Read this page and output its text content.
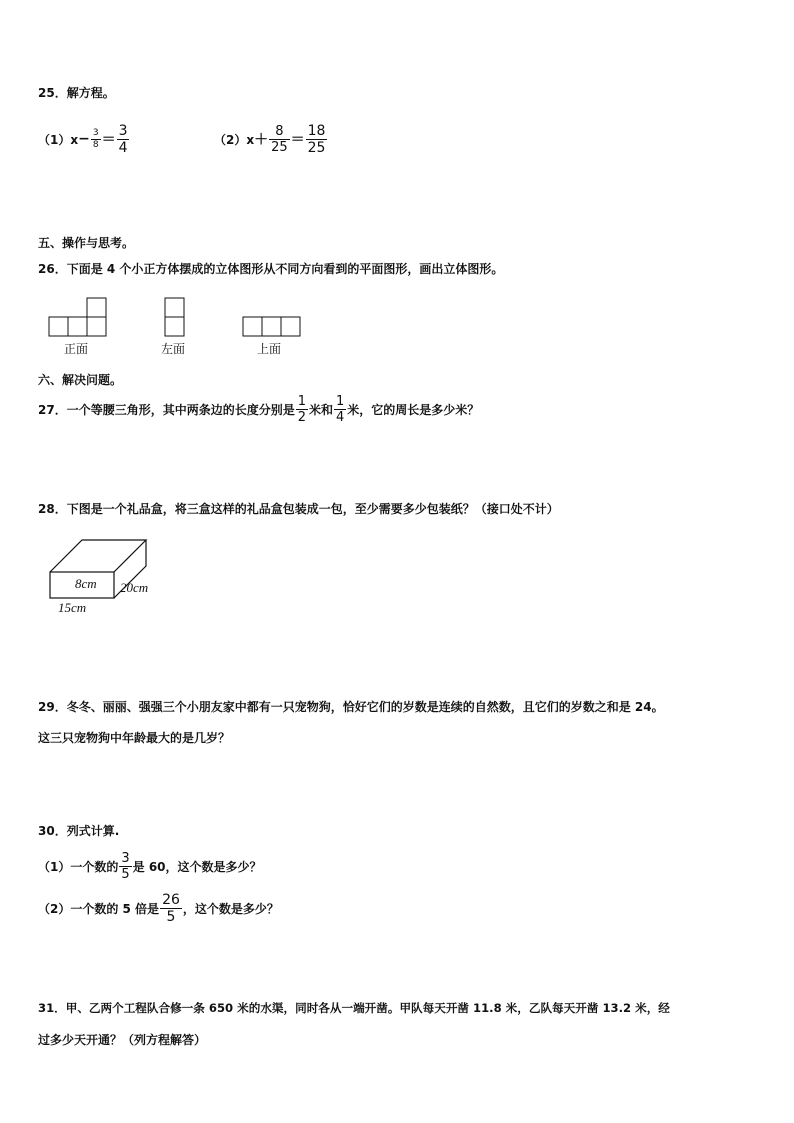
25．解方程。
$(1)x - \frac{3}{8} = \frac{3}{4}$	$(2)x + \frac{8}{25} = \frac{18}{25}$
五、操作与思考。
26．下面是 4 个小正方体摆成的立体图形从不同方向看到的平面图形，画出立体图形。
正面	左面	上面
六、解决问题。
27．一个等腰三角形，其中两条边的长度分别是 $\frac{1}{2}$ 米和 $\frac{1}{4}$ 米，它的周长是多少米？
28．下图是一个礼品盒，将三盒这样的礼品盒包装成一包，至少需要多少包装纸？（接口处不计）
8cm 20cm
15cm
29．冬冬、丽丽、强强三个小朋友家中都有一只宠物狗，恰好它们的岁数是连续的自然数，且它们的岁数之和是 24。
这三只宠物狗中年龄最大的是几岁？
30．列式计算.
（1）一个数的 $\frac{3}{5}$ 是 60，这个数是多少？
（2）一个数的 5 倍是 $\frac{26}{5}$ ，这个数是多少？
31．甲、乙两个工程队合修一条 650 米的水渠，同时各从一端开凿。甲队每天开凿 11.8 米，乙队每天开凿 13.2 米，经
过多少天开通？（列方程解答）
